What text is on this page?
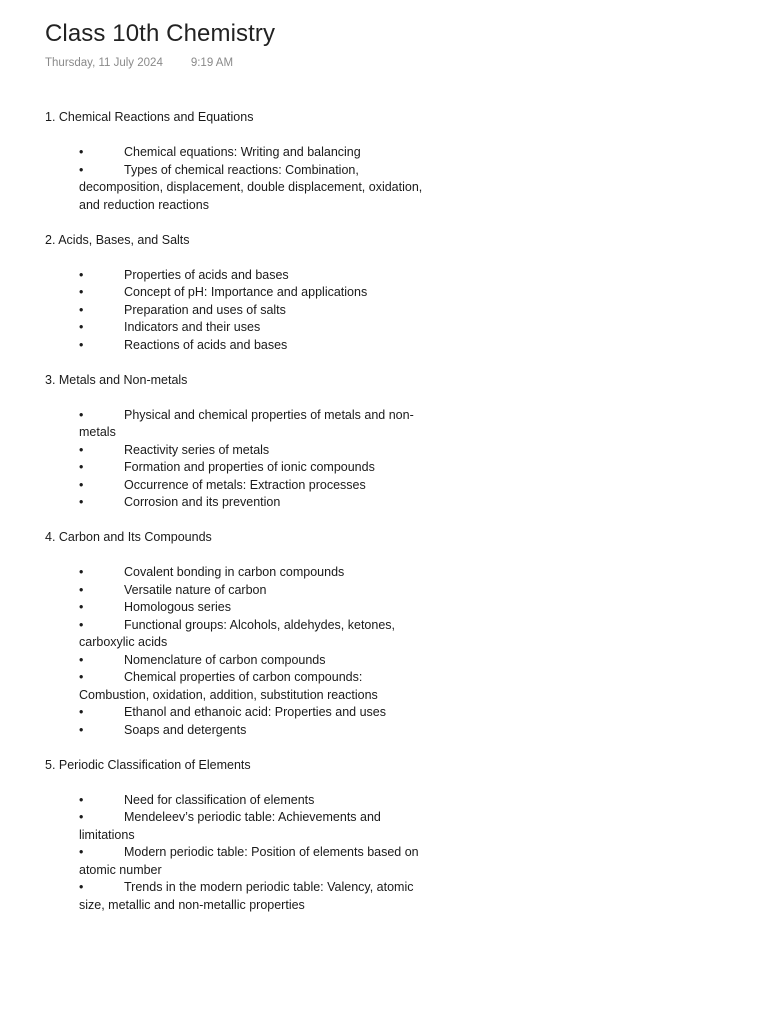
Class 10th Chemistry
Thursday, 11 July 2024 9:19 AM
1. Chemical Reactions and Equations
•	Chemical equations: Writing and balancing
•	Types of chemical reactions: Combination, decomposition, displacement, double displacement, oxidation, and reduction reactions
2. Acids, Bases, and Salts
•	Properties of acids and bases
•	Concept of pH: Importance and applications
•	Preparation and uses of salts
•	Indicators and their uses
•	Reactions of acids and bases
3. Metals and Non-metals
•	Physical and chemical properties of metals and non-metals
•	Reactivity series of metals
•	Formation and properties of ionic compounds
•	Occurrence of metals: Extraction processes
•	Corrosion and its prevention
4. Carbon and Its Compounds
•	Covalent bonding in carbon compounds
•	Versatile nature of carbon
•	Homologous series
•	Functional groups: Alcohols, aldehydes, ketones, carboxylic acids
•	Nomenclature of carbon compounds
•	Chemical properties of carbon compounds: Combustion, oxidation, addition, substitution reactions
•	Ethanol and ethanoic acid: Properties and uses
•	Soaps and detergents
5. Periodic Classification of Elements
•	Need for classification of elements
•	Mendeleev’s periodic table: Achievements and limitations
•	Modern periodic table: Position of elements based on atomic number
•	Trends in the modern periodic table: Valency, atomic size, metallic and non-metallic properties
